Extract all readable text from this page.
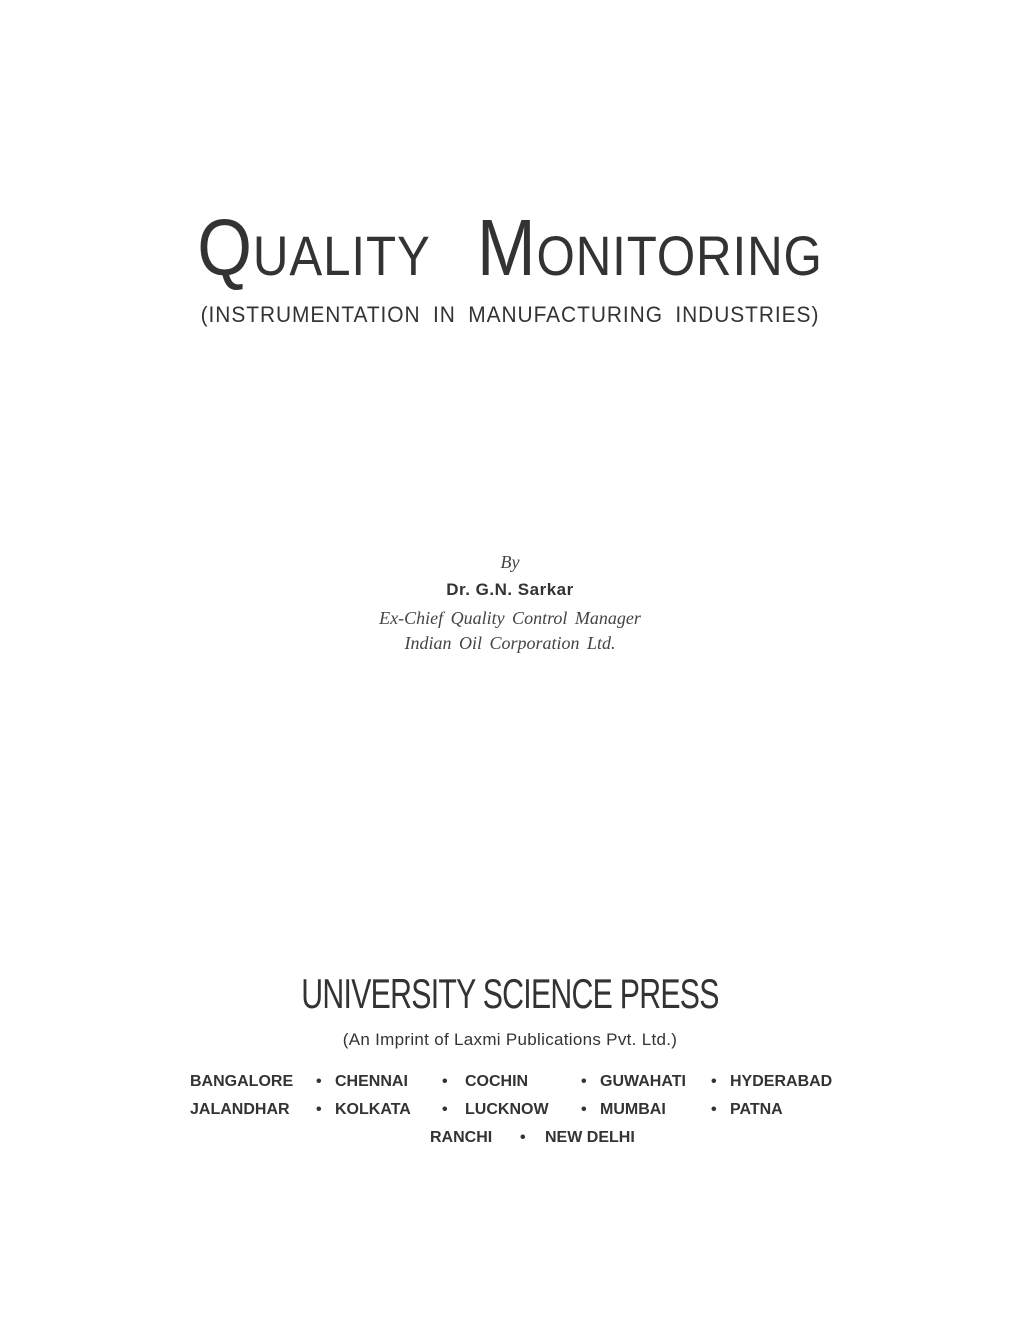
QUALITY MONITORING
(INSTRUMENTATION IN MANUFACTURING INDUSTRIES)
By
Dr. G.N. Sarkar
Ex-Chief Quality Control Manager
Indian Oil Corporation Ltd.
UNIVERSITY SCIENCE PRESS
(An Imprint of Laxmi Publications Pvt. Ltd.)
BANGALORE • CHENNAI • COCHIN	• GUWAHATI • HYDERABAD
JALANDHAR • KOLKATA • LUCKNOW • MUMBAI	• PATNA
RANCHI • NEW DELHI
